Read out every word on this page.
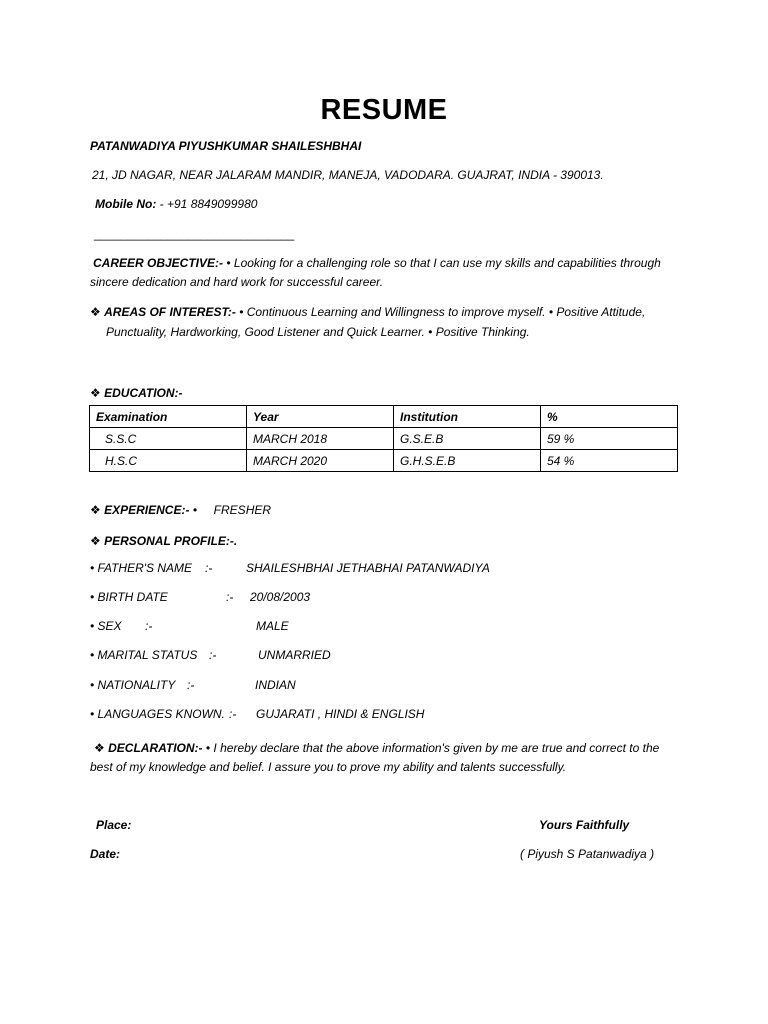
RESUME
PATANWADIYA PIYUSHKUMAR SHAILESHBHAI
21, JD NAGAR, NEAR JALARAM MANDIR, MANEJA, VADODARA. GUAJRAT, INDIA - 390013.
Mobile No: - +91 8849099980
______________________________
CAREER OBJECTIVE:- • Looking for a challenging role so that I can use my skills and capabilities through sincere dedication and hard work for successful career.
❖ AREAS OF INTEREST:- • Continuous Learning and Willingness to improve myself. • Positive Attitude,
Punctuality, Hardworking, Good Listener and Quick Learner. • Positive Thinking.
❖ EDUCATION:-
Examination	Year	Institution	%
S.S.C	MARCH 2018	G.S.E.B	59 %
H.S.C	MARCH 2020	G.H.S.E.B	54 %
❖ EXPERIENCE:- •     FRESHER
❖ PERSONAL PROFILE:-.
• FATHER'S NAME :-	SHAILESHBHAI JETHABHAI PATANWADIYA
• BIRTH DATE	:- 20/08/2003
• SEX :-	MALE
• MARITAL STATUS :-	UNMARRIED
• NATIONALITY :-	INDIAN
• LANGUAGES KNOWN. :- GUJARATI , HINDI & ENGLISH
❖ DECLARATION:- • I hereby declare that the above information's given by me are true and correct to the best of my knowledge and belief. I assure you to prove my ability and talents successfully.
Place:
Date:
Yours Faithfully
( Piyush S Patanwadiya )
